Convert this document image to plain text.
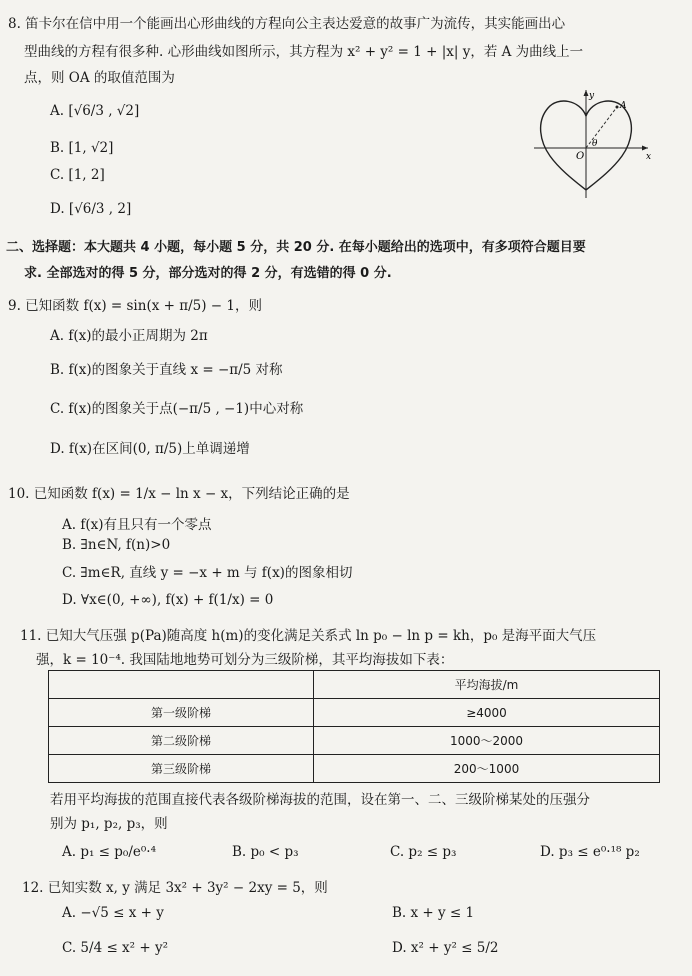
8. 笛卡尔在信中用一个能画出心形曲线的方程向公主表达爱意的故事广为流传，其实能画出心
型曲线的方程有很多种. 心形曲线如图所示，其方程为 x² + y² = 1 + |x| y，若 A 为曲线上一
点，则 OA 的取值范围为
A. [√6/3 , √2]
B. [1, √2]
C. [1, 2]
D. [√6/3 , 2]
y
x
O
A
θ
二、选择题：本大题共 4 小题，每小题 5 分，共 20 分. 在每小题给出的选项中，有多项符合题目要
求. 全部选对的得 5 分，部分选对的得 2 分，有选错的得 0 分.
9. 已知函数 f(x) = sin(x + π/5) − 1，则
A. f(x)的最小正周期为 2π
B. f(x)的图象关于直线 x = −π/5 对称
C. f(x)的图象关于点(−π/5 , −1)中心对称
D. f(x)在区间(0, π/5)上单调递增
10. 已知函数 f(x) = 1/x − ln x − x，下列结论正确的是
A. f(x)有且只有一个零点
B. ∃n∈N, f(n)>0
C. ∃m∈R, 直线 y = −x + m 与 f(x)的图象相切
D. ∀x∈(0, +∞), f(x) + f(1/x) = 0
11. 已知大气压强 p(Pa)随高度 h(m)的变化满足关系式 ln p₀ − ln p = kh，p₀ 是海平面大气压
强，k = 10⁻⁴. 我国陆地地势可划分为三级阶梯，其平均海拔如下表：
	平均海拔/m
第一级阶梯	≥4000
第二级阶梯	1000～2000
第三级阶梯	200～1000
若用平均海拔的范围直接代表各级阶梯海拔的范围，设在第一、二、三级阶梯某处的压强分
别为 p₁, p₂, p₃，则
A. p₁ ≤ p₀/e⁰·⁴	B. p₀ < p₃	C. p₂ ≤ p₃	D. p₃ ≤ e⁰·¹⁸ p₂
12. 已知实数 x, y 满足 3x² + 3y² − 2xy = 5，则
A. −√5 ≤ x + y	B. x + y ≤ 1
C. 5/4 ≤ x² + y²	D. x² + y² ≤ 5/2
